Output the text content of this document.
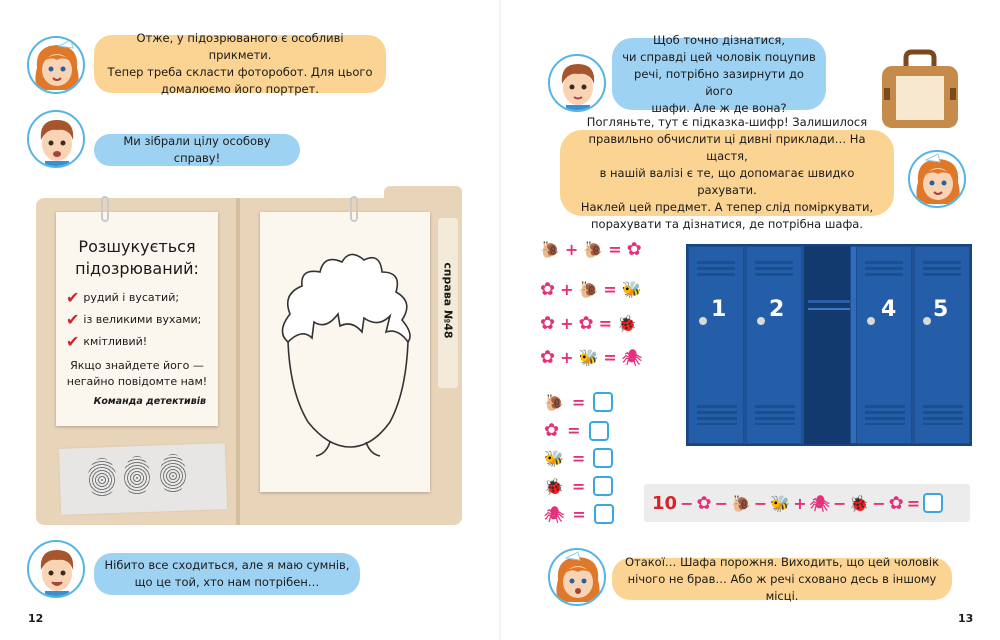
Отже, у підозрюваного є особливі прикмети.
Тепер треба скласти фоторобот. Для цього
домалюємо його портрет.
Ми зібрали цілу особову справу!
справа №48
Розшукується
підозрюваний:
✔ рудий і вусатий;
✔ із великими вухами;
✔ кмітливий!
Якщо знайдете його —
негайно повідомте нам!
Команда детективів
Нібито все сходиться, але я маю сумнів,
що це той, хто нам потрібен…
12
Щоб точно дізнатися,
чи справді цей чоловік поцупив
речі, потрібно зазирнути до його
шафи. Але ж де вона?
Погляньте, тут є підказка-шифр! Залишилося
правильно обчислити ці дивні приклади… На щастя,
в нашій валізі є те, що допомагає швидко рахувати.
Наклей цей предмет. А тепер слід поміркувати,
порахувати та дізнатися, де потрібна шафа.
🐌 + 🐌 = ✿
✿ + 🐌 = 🐝
✿ + ✿ = 🐞
✿ + 🐝 = 🕷
🐌 =
✿ =
🐝 =
🐞 =
🕷 =
1 2	4 5
10 − ✿ − 🐌 − 🐝 + 🕷 − 🐞 − ✿ =
Отакої… Шафа порожня. Виходить, що цей чоловік
нічого не брав… Або ж речі сховано десь в іншому місці.
13
